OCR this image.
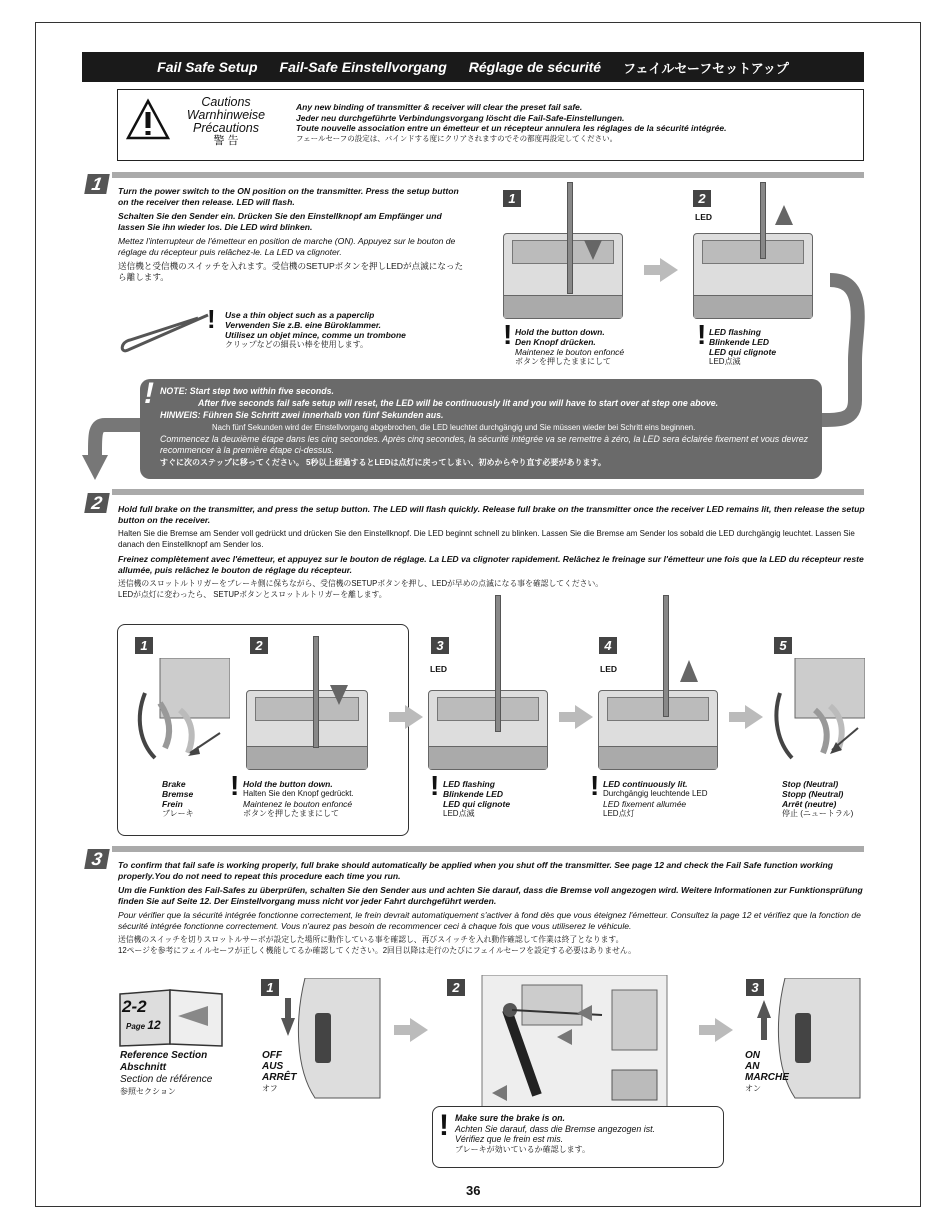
Fail Safe Setup Fail-Safe Einstellvorgang Réglage de sécurité フェイルセーフセットアップ
Cautions
Warnhinweise
Précautions
警 告
Any new binding of transmitter & receiver will clear the preset fail safe.
Jeder neu durchgeführte Verbindungsvorgang löscht die Fail-Safe-Einstellungen.
Toute nouvelle association entre un émetteur et un récepteur annulera les réglages de la sécurité intégrée.
フェールセーフの設定は、バインドする度にクリアされますのでその都度再設定してください。
1	Turn the power switch to the ON position on the transmitter. Press the setup button on the receiver then release. LED will flash.

Schalten Sie den Sender ein. Drücken Sie den Einstellknopf am Empfänger und lassen Sie ihn wieder los. Die LED wird blinken.

Mettez l'interrupteur de l'émetteur en position de marche (ON). Appuyez sur le bouton de réglage du récepteur puis relâchez-le. La LED va clignoter.

送信機と受信機のスイッチを入れます。受信機のSETUPボタンを押しLEDが点滅になったら離します。

! Use a thin object such as a paperclip
Verwenden Sie z.B. eine Büroklammer.
Utilisez un objet mince, comme un trombone
クリップなどの細長い棒を使用します。
1
! Hold the button down.
Den Knopf drücken.
Maintenez le bouton enfoncé
ボタンを押したままにして
2
LED
! LED flashing
Blinkende LED
LED qui clignote
LED点滅
! NOTE: Start step two within five seconds.

After five seconds fail safe setup will reset, the LED will be continuously lit and you will have to start over at step one above.

HINWEIS: Führen Sie Schritt zwei innerhalb von fünf Sekunden aus.

Nach fünf Sekunden wird der Einstellvorgang abgebrochen, die LED leuchtet durchgängig und Sie müssen wieder bei Schritt eins beginnen.

Commencez la deuxième étape dans les cinq secondes. Après cinq secondes, la sécurité intégrée va se remettre à zéro, la LED sera éclairée fixement et vous devrez recommencer à la première étape ci-dessus.

すぐに次のステップに移ってください。 5秒以上経過するとLEDは点灯に戻ってしまい、初めからやり直す必要があります。

2	Hold full brake on the transmitter, and press the setup button. The LED will flash quickly. Release full brake on the transmitter once the receiver LED remains lit, then release the setup button on the receiver.

Halten Sie die Bremse am Sender voll gedrückt und drücken Sie den Einstellknopf. Die LED beginnt schnell zu blinken. Lassen Sie die Bremse am Sender los sobald die LED durchgängig leuchtet. Lassen Sie danach den Einstellknopf am Sender los.

Freinez complètement avec l'émetteur, et appuyez sur le bouton de réglage. La LED va clignoter rapidement. Relâchez le freinage sur l'émetteur une fois que la LED du récepteur reste allumée, puis relâchez le bouton de réglage du récepteur.

送信機のスロットルトリガーをブレーキ側に保ちながら、受信機のSETUPボタンを押し、LEDが早めの点滅になる事を確認してください。
LEDが点灯に変わったら、 SETUPボタンとスロットルトリガーを離します。
1
Brake
Bremse
Frein
ブレーキ
2
! Hold the button down.
Halten Sie den Knopf gedrückt.
Maintenez le bouton enfoncé
ボタンを押したままにして
3
LED
! LED flashing
Blinkende LED
LED qui clignote
LED点滅
4
LED
! LED continuously lit.
Durchgängig leuchtende LED
LED fixement allumée
LED点灯
5
Stop (Neutral)
Stopp (Neutral)
Arrêt (neutre)
停止 (ニュートラル)
3	To confirm that fail safe is working properly, full brake should automatically be applied when you shut off the transmitter. See page 12 and check the Fail Safe function working properly.You do not need to repeat this procedure each time you run.

Um die Funktion des Fail-Safes zu überprüfen, schalten Sie den Sender aus und achten Sie darauf, dass die Bremse voll angezogen wird. Weitere Informationen zur Funktionsprüfung finden Sie auf Seite 12. Der Einstellvorgang muss nicht vor jeder Fahrt durchgeführt werden.

Pour vérifier que la sécurité intégrée fonctionne correctement, le frein devrait automatiquement s'activer à fond dès que vous éteignez l'émetteur. Consultez la page 12 et vérifiez que la fonction de sécurité intégrée fonctionne correctement. Vous n'aurez pas besoin de recommencer ceci à chaque fois que vous utiliserez le véhicule.

送信機のスイッチを切りスロットルサーボが設定した場所に動作している事を確認し、再びスイッチを入れ動作確認して作業は終了となります。
12ページを参考にフェイルセーフが正しく機能してるか確認してください。2回目以降は走行のたびにフェイルセーフを設定する必要はありません。
2-2
Page 12
Reference Section
Abschnitt
Section de référence
参照セクション
1
OFF
AUS
ARRÊT
オフ
2
! Make sure the brake is on.
Achten Sie darauf, dass die Bremse angezogen ist.
Vérifiez que le frein est mis.
ブレーキが効いているか確認します。
3
ON
AN
MARCHE
オン
36
